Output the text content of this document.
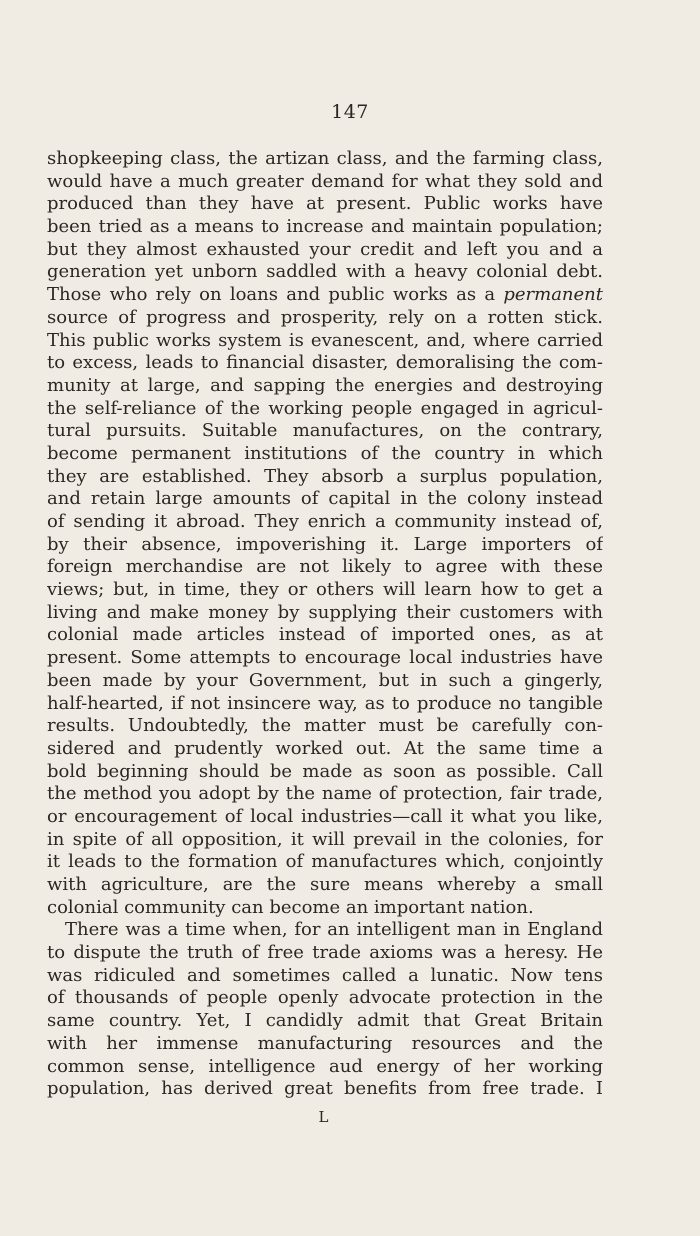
147
shopkeeping class, the artizan class, and the farming class,
would have a much greater demand for what they sold and
produced than they have at present. Public works have
been tried as a means to increase and maintain population;
but they almost exhausted your credit and left you and a
generation yet unborn saddled with a heavy colonial debt.
Those who rely on loans and public works as a permanent
source of progress and prosperity, rely on a rotten stick.
This public works system is evanescent, and, where carried
to excess, leads to financial disaster, demoralising the com-
munity at large, and sapping the energies and destroying
the self-reliance of the working people engaged in agricul-
tural pursuits. Suitable manufactures, on the contrary,
become permanent institutions of the country in which
they are established. They absorb a surplus population,
and retain large amounts of capital in the colony instead
of sending it abroad. They enrich a community instead of,
by their absence, impoverishing it. Large importers of
foreign merchandise are not likely to agree with these
views; but, in time, they or others will learn how to get a
living and make money by supplying their customers with
colonial made articles instead of imported ones, as at
present. Some attempts to encourage local industries have
been made by your Government, but in such a gingerly,
half-hearted, if not insincere way, as to produce no tangible
results. Undoubtedly, the matter must be carefully con-
sidered and prudently worked out. At the same time a
bold beginning should be made as soon as possible. Call
the method you adopt by the name of protection, fair trade,
or encouragement of local industries—call it what you like,
in spite of all opposition, it will prevail in the colonies, for
it leads to the formation of manufactures which, conjointly
with agriculture, are the sure means whereby a small
colonial community can become an important nation.
There was a time when, for an intelligent man in England
to dispute the truth of free trade axioms was a heresy. He
was ridiculed and sometimes called a lunatic. Now tens
of thousands of people openly advocate protection in the
same country. Yet, I candidly admit that Great Britain
with her immense manufacturing resources and the
common sense, intelligence aud energy of her working
population, has derived great benefits from free trade. I
L
